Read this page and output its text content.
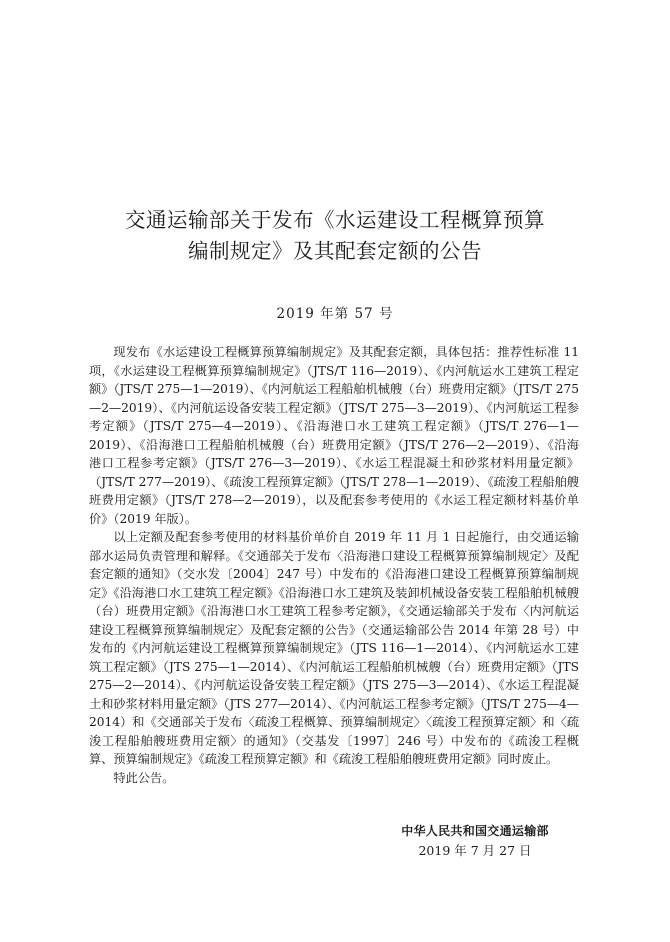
交通运输部关于发布《水运建设工程概算预算
编制规定》及其配套定额的公告
2019 年第 57 号

现发布《水运建设工程概算预算编制规定》及其配套定额，具体包括：推荐性标准 11 项，《水运建设工程概算预算编制规定》（JTS/T 116—2019）、《内河航运水工建筑工程定额》（JTS/T 275—1—2019）、《内河航运工程船舶机械艘（台）班费用定额》（JTS/T 275—2—2019）、《内河航运设备安装工程定额》（JTS/T 275—3—2019）、《内河航运工程参考定额》（JTS/T 275—4—2019）、《沿海港口水工建筑工程定额》（JTS/T 276—1—2019）、《沿海港口工程船舶机械艘（台）班费用定额》（JTS/T 276—2—2019）、《沿海港口工程参考定额》（JTS/T 276—3—2019）、《水运工程混凝土和砂浆材料用量定额》（JTS/T 277—2019）、《疏浚工程预算定额》（JTS/T 278—1—2019）、《疏浚工程船舶艘班费用定额》（JTS/T 278—2—2019），以及配套参考使用的《水运工程定额材料基价单价》（2019 年版）。

以上定额及配套参考使用的材料基价单价自 2019 年 11 月 1 日起施行，由交通运输部水运局负责管理和解释。《交通部关于发布〈沿海港口建设工程概算预算编制规定〉及配套定额的通知》（交水发〔2004〕247 号）中发布的《沿海港口建设工程概算预算编制规定》《沿海港口水工建筑工程定额》《沿海港口水工建筑及装卸机械设备安装工程船舶机械艘（台）班费用定额》《沿海港口水工建筑工程参考定额》，《交通运输部关于发布〈内河航运建设工程概算预算编制规定〉及配套定额的公告》（交通运输部公告 2014 年第 28 号）中发布的《内河航运建设工程概算预算编制规定》（JTS 116—1—2014）、《内河航运水工建筑工程定额》（JTS 275—1—2014）、《内河航运工程船舶机械艘（台）班费用定额》（JTS 275—2—2014）、《内河航运设备安装工程定额》（JTS 275—3—2014）、《水运工程混凝土和砂浆材料用量定额》（JTS 277—2014）、《内河航运工程参考定额》（JTS/T 275—4—2014）和《交通部关于发布〈疏浚工程概算、预算编制规定〉〈疏浚工程预算定额〉和〈疏浚工程船舶艘班费用定额〉的通知》（交基发〔1997〕246 号）中发布的《疏浚工程概算、预算编制规定》《疏浚工程预算定额》和《疏浚工程船舶艘班费用定额》同时废止。

特此公告。

中华人民共和国交通运输部
2019 年 7 月 27 日
